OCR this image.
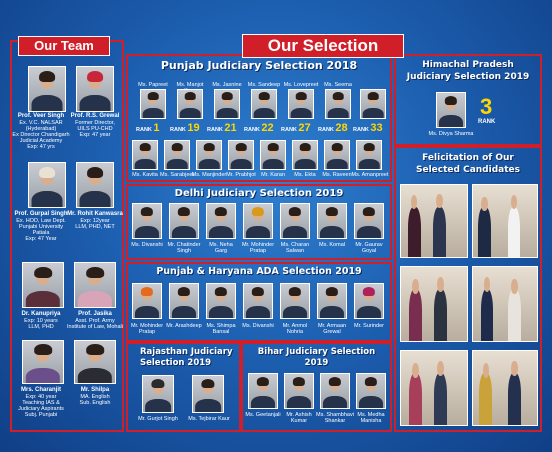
Our Team	Our Selection
Punjab Judiciary Selection 2018	Himachal Pradesh
Judiciary Selection 2019
Felicitation of Our
Selected Candidates
Delhi Judiciary Selection 2019
Punjab & Haryana ADA Selection 2019
Rajasthan Judiciary
Selection 2019
Bihar Judiciary Selection
2019
Prof. Veer Singh
Ex. V.C. NALSAR
(Hyderabad)
Ex Director Chandigarh
Judicial Academy
Exp: 47 yrs
Prof. R.S. Grewal
Former Director,
UILS PU-CHD
Exp: 47 year
Prof. Gurpal Singh
Ex. HOD, Law Dept.
Punjabi University
Patiala
Exp: 47 Year
Mr. Rohit Kanwasra
Exp: 12year
LLM, PHD, NET
Dr. Kanupriya
Exp: 10 years
LLM, PHD
Prof. Jasika
Asst. Prof. Army
Institute of Law, Mohali
Mrs. Charanjit
Exp: 40 year
Teaching IAS &
Judiciary Aspirants
Subj. Punjabi
Mr. Shilpa
MA. English
Sub. English
Ms. Papreet	Ms. Manjot	Ms. Jasnine	Ms. Sandeep Ms. Lovepreet	Ms. Seema
RANK 1 RANK 19 RANK 21 RANK 22 RANK 27 RANK 28 RANK 33
Ms. Kavita Ms. Sarabjeet
Ms. Manjinder Mr. Prabhjot Mr. Karan	Ms. Ekta	Ms. Raveen Ms. Amanpreet
Ms. Divya Sharma
3
RANK
Ms. Divanshi Mr. Chatinder
Singh
Ms. Neha
Garg
Mr. Mohinder
Pratap
Ms. Charan
Salwan
Ms. Komal	Mr. Gaurav
Goyal
Mr. Mohinder
Pratap
Mr. Arashdeep Ms. Shimpa
Bansal
Ms. Divanshi	Mr. Anmol
Nohria
Mr. Armaan
Grewal
Mr. Surinder
Mr. Gurjot Singh	Ms. Tejbirar Kaur
Ms. Geetanjali	Mr. Ashish
Kumar
Ms. Shambhavi
Shankar
Ms. Medha
Manisha
